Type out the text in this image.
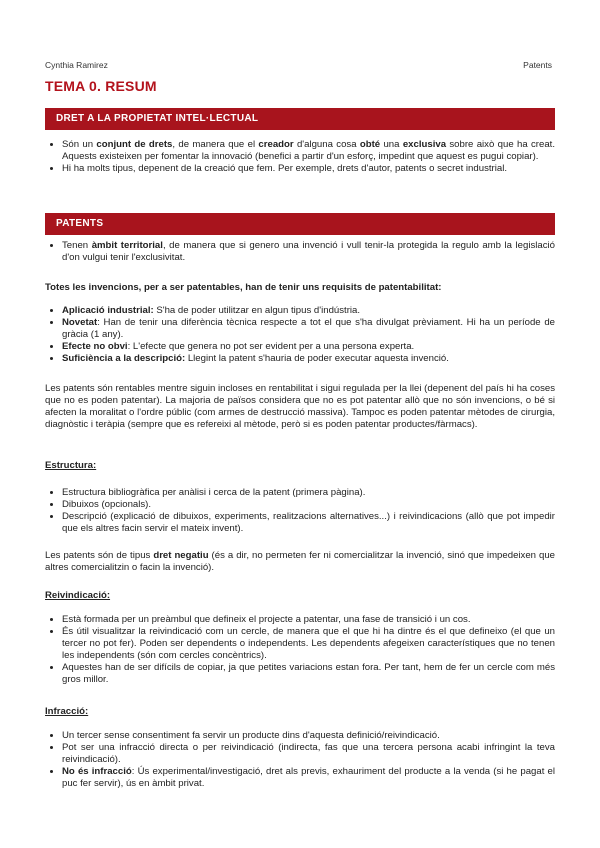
Cynthia Ramirez	Patents
TEMA 0. RESUM
DRET A LA PROPIETAT INTEL·LECTUAL
• Són un conjunt de drets, de manera que el creador d'alguna cosa obté una exclusiva sobre això que ha creat. Aquests existeixen per fomentar la innovació (benefici a partir d'un esforç, impedint que aquest es pugui copiar).
• Hi ha molts tipus, depenent de la creació que fem. Per exemple, drets d'autor, patents o secret industrial.
PATENTS
• Tenen àmbit territorial, de manera que si genero una invenció i vull tenir-la protegida la regulo amb la legislació d'on vulgui tenir l'exclusivitat.

Totes les invencions, per a ser patentables, han de tenir uns requisits de patentabilitat:

• Aplicació industrial: S'ha de poder utilitzar en algun tipus d'indústria.
• Novetat: Han de tenir una diferència tècnica respecte a tot el que s'ha divulgat prèviament. Hi ha un període de gràcia (1 any).
• Efecte no obvi: L'efecte que genera no pot ser evident per a una persona experta.
• Suficiència a la descripció: Llegint la patent s'hauria de poder executar aquesta invenció.

Les patents són rentables mentre siguin incloses en rentabilitat i sigui regulada per la llei (depenent del país hi ha coses que no es poden patentar). La majoria de països considera que no es pot patentar allò que no són invencions, o bé si afecten la moralitat o l'ordre públic (com armes de destrucció massiva). Tampoc es poden patentar mètodes de cirurgia, diagnòstic i teràpia (sempre que es refereixi al mètode, però si es poden patentar productes/fàrmacs).

Estructura:

• Estructura bibliogràfica per anàlisi i cerca de la patent (primera pàgina).
• Dibuixos (opcionals).
• Descripció (explicació de dibuixos, experiments, realitzacions alternatives...) i reivindicacions (allò que pot impedir que els altres facin servir el mateix invent).

Les patents són de tipus dret negatiu (és a dir, no permeten fer ni comercialitzar la invenció, sinó que impedeixen que altres comercialitzin o facin la invenció).

Reivindicació:

• Està formada per un preàmbul que defineix el projecte a patentar, una fase de transició i un cos.
• És útil visualitzar la reivindicació com un cercle, de manera que el que hi ha dintre és el que defineixo (el que un tercer no pot fer). Poden ser dependents o independents. Les dependents afegeixen característiques que no tenen les independents (són com cercles concèntrics).
• Aquestes han de ser difícils de copiar, ja que petites variacions estan fora. Per tant, hem de fer un cercle com més gros millor.

Infracció:

• Un tercer sense consentiment fa servir un producte dins d'aquesta definició/reivindicació.
• Pot ser una infracció directa o per reivindicació (indirecta, fas que una tercera persona acabi infringint la teva reivindicació).
• No és infracció: Ús experimental/investigació, dret als previs, exhauriment del producte a la venda (si he pagat el puc fer servir), ús en àmbit privat.
